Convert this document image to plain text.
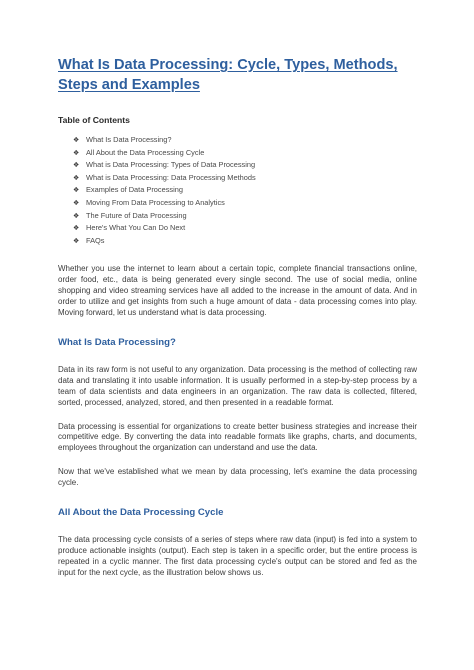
What Is Data Processing: Cycle, Types, Methods, Steps and Examples
Table of Contents
❖ What Is Data Processing?
❖ All About the Data Processing Cycle
❖ What is Data Processing: Types of Data Processing
❖ What is Data Processing: Data Processing Methods
❖ Examples of Data Processing
❖ Moving From Data Processing to Analytics
❖ The Future of Data Processing
❖ Here's What You Can Do Next
❖ FAQs

Whether you use the internet to learn about a certain topic, complete financial transactions online, order food, etc., data is being generated every single second. The use of social media, online shopping and video streaming services have all added to the increase in the amount of data. And in order to utilize and get insights from such a huge amount of data - data processing comes into play. Moving forward, let us understand what is data processing.

What Is Data Processing?

Data in its raw form is not useful to any organization. Data processing is the method of collecting raw data and translating it into usable information. It is usually performed in a step-by-step process by a team of data scientists and data engineers in an organization. The raw data is collected, filtered, sorted, processed, analyzed, stored, and then presented in a readable format.

Data processing is essential for organizations to create better business strategies and increase their competitive edge. By converting the data into readable formats like graphs, charts, and documents, employees throughout the organization can understand and use the data.

Now that we've established what we mean by data processing, let's examine the data processing cycle.

All About the Data Processing Cycle

The data processing cycle consists of a series of steps where raw data (input) is fed into a system to produce actionable insights (output). Each step is taken in a specific order, but the entire process is repeated in a cyclic manner. The first data processing cycle's output can be stored and fed as the input for the next cycle, as the illustration below shows us.
